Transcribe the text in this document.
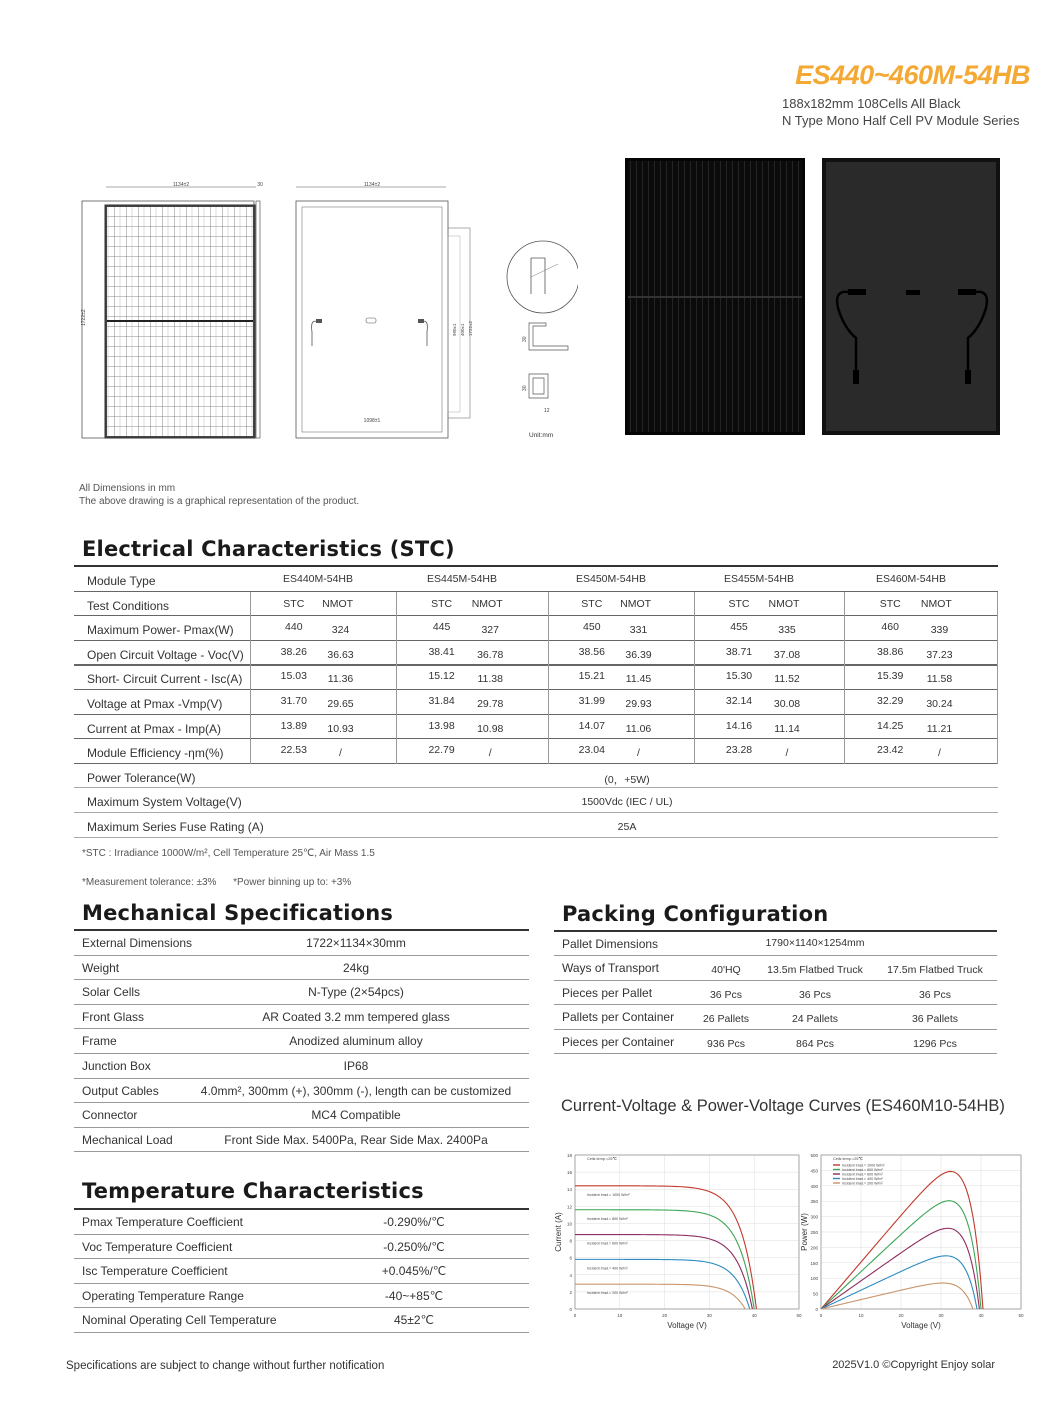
ES440~460M-54HB
188x182mm 108Cells All Black
N Type Mono Half Cell PV Module Series
1134±2
1722±2
30	1134±2
1098±1
990±1 400±1 1722±2
30
30
12
Unit:mm
All Dimensions in mm
The above drawing is a graphical representation of the product.
Electrical Characteristics (STC)
Module Type	ES440M-54HB	ES445M-54HB	ES450M-54HB	ES455M-54HB	ES460M-54HB
Test Conditions	STC NMOT	STC NMOT	STC NMOT	STC NMOT	STC NMOT
Maximum Power- Pmax(W)	440	324	445	327	450	331	455	335	460	339
Open Circuit Voltage - Voc(V)	38.26 36.63	38.41 36.78	38.56 36.39	38.71 37.08	38.86 37.23
Short- Circuit Current - Isc(A)	15.03 11.36	15.12 11.38	15.21 11.45	15.30 11.52	15.39 11.58
Voltage at Pmax -Vmp(V)	31.70 29.65	31.84 29.78	31.99 29.93	32.14 30.08	32.29 30.24
Current at Pmax - Imp(A)	13.89 10.93	13.98 10.98	14.07 11.06	14.16 11.14	14.25 11.21
Module Efficiency -ηm(%)	22.53	/	22.79	/	23.04	/	23.28	/	23.42	/
Power Tolerance(W)	(0，+5W)
Maximum System Voltage(V)	1500Vdc (IEC / UL)
Maximum Series Fuse Rating (A)	25A
*STC : Irradiance 1000W/m², Cell Temperature 25℃, Air Mass 1.5
*Measurement tolerance: ±3%      *Power binning up to: +3%
Mechanical Specifications
External Dimensions	1722×1134×30mm
Weight	24kg
Solar Cells	N-Type (2×54pcs)
Front Glass	AR Coated 3.2 mm tempered glass
Frame	Anodized aluminum alloy
Junction Box	IP68
Output Cables	4.0mm², 300mm (+), 300mm (-), length can be customized
Connector	MC4 Compatible
Mechanical Load	Front Side Max. 5400Pa, Rear Side Max. 2400Pa
Packing Configuration
Pallet Dimensions	1790×1140×1254mm
Ways of Transport	40'HQ	13.5m Flatbed Truck 17.5m Flatbed Truck
Pieces per Pallet	36 Pcs	36 Pcs	36 Pcs
Pallets per Container	26 Pallets	24 Pallets	36 Pallets
Pieces per Container	936 Pcs	864 Pcs	1296 Pcs
Temperature Characteristics
Pmax Temperature Coefficient	-0.290%/℃
Voc Temperature Coefficient	-0.250%/℃
Isc Temperature Coefficient	+0.045%/℃
Operating Temperature Range	-40~+85℃
Nominal Operating Cell Temperature	45±2℃
Current-Voltage & Power-Voltage Curves (ES460M10-54HB)
0
2
4
6
8
10
12
14
16
18
0	10	20	30	40	50
Voltage (V)
Current (A)
Cells temp.=25℃
Incident Irrad.= 1000 W/m²
Incident Irrad.= 800 W/m²
Incident Irrad.= 600 W/m²
Incident Irrad.= 400 W/m²
Incident Irrad.= 200 W/m²
0
50
100
150
200
250
300
350
400
450
500
0	10	20	30	40	50
Voltage (V)
Power (W)
Cells temp.=25℃
Incident Irrad.= 1000 W/m²
Incident Irrad.= 800 W/m²
Incident Irrad.= 600 W/m²
Incident Irrad.= 400 W/m²
Incident Irrad.= 200 W/m²
Specifications are subject to change without further notification	2025V1.0 ©Copyright Enjoy solar
